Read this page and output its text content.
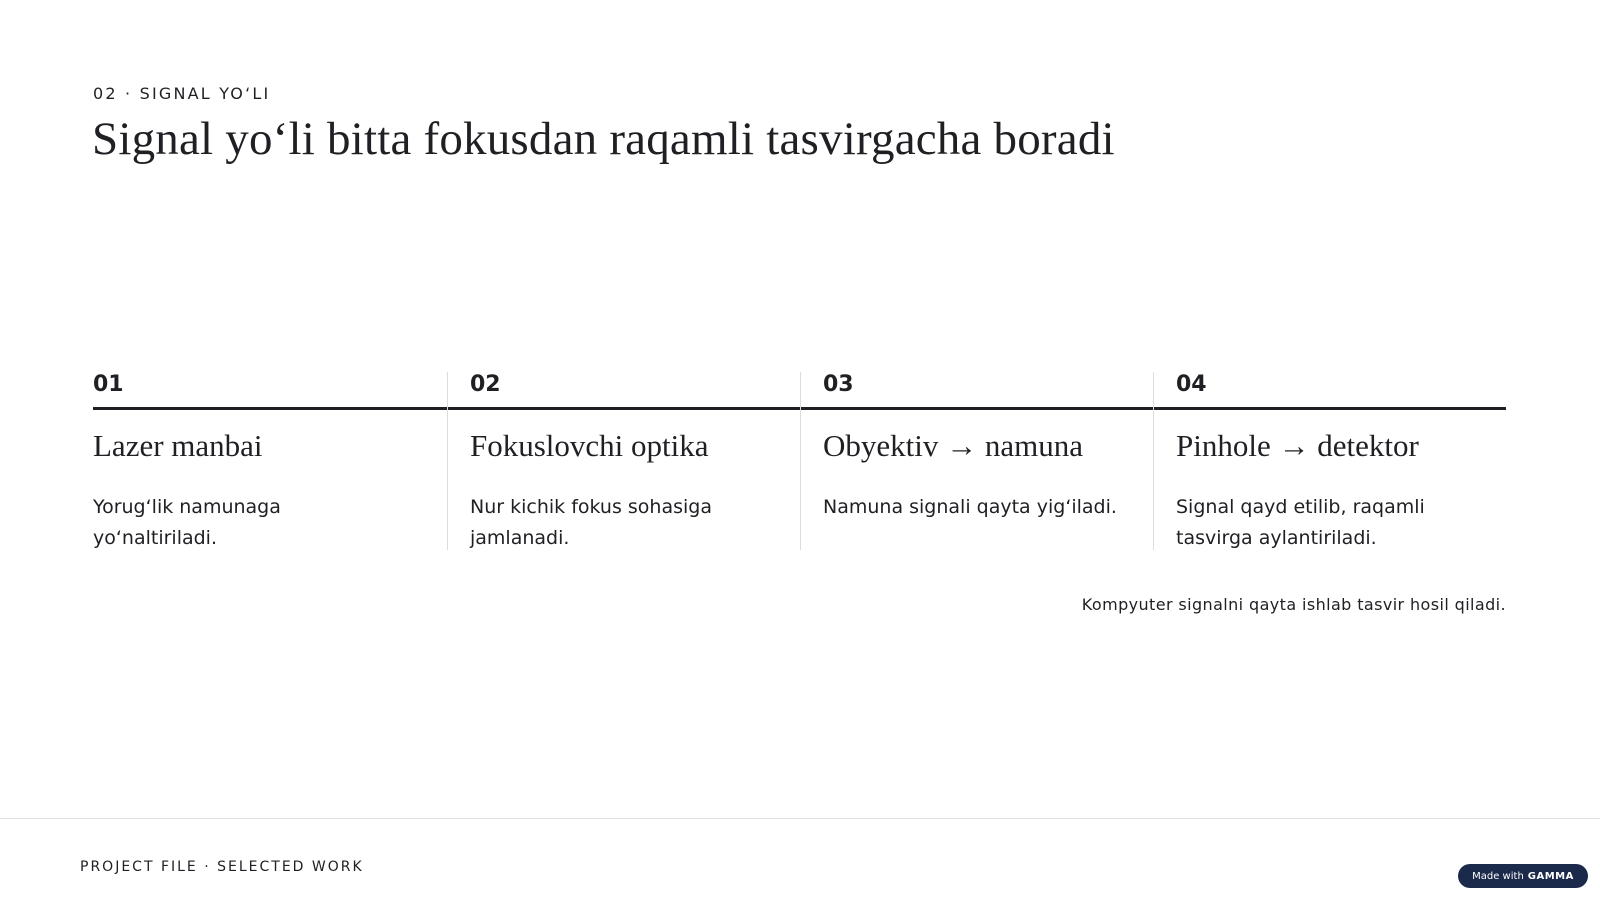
02 · SIGNAL YO‘LI
Signal yo‘li bitta fokusdan raqamli tasvirgacha boradi
01
Lazer manbai
Yorug‘lik namunaga yo‘naltiriladi.
02
Fokuslovchi optika
Nur kichik fokus sohasiga jamlanadi.
03
Obyektiv → namuna
Namuna signali qayta yig‘iladi.
04
Pinhole → detektor
Signal qayd etilib, raqamli tasvirga aylantiriladi.
Kompyuter signalni qayta ishlab tasvir hosil qiladi.
PROJECT FILE · SELECTED WORK
Made with GAMMA
